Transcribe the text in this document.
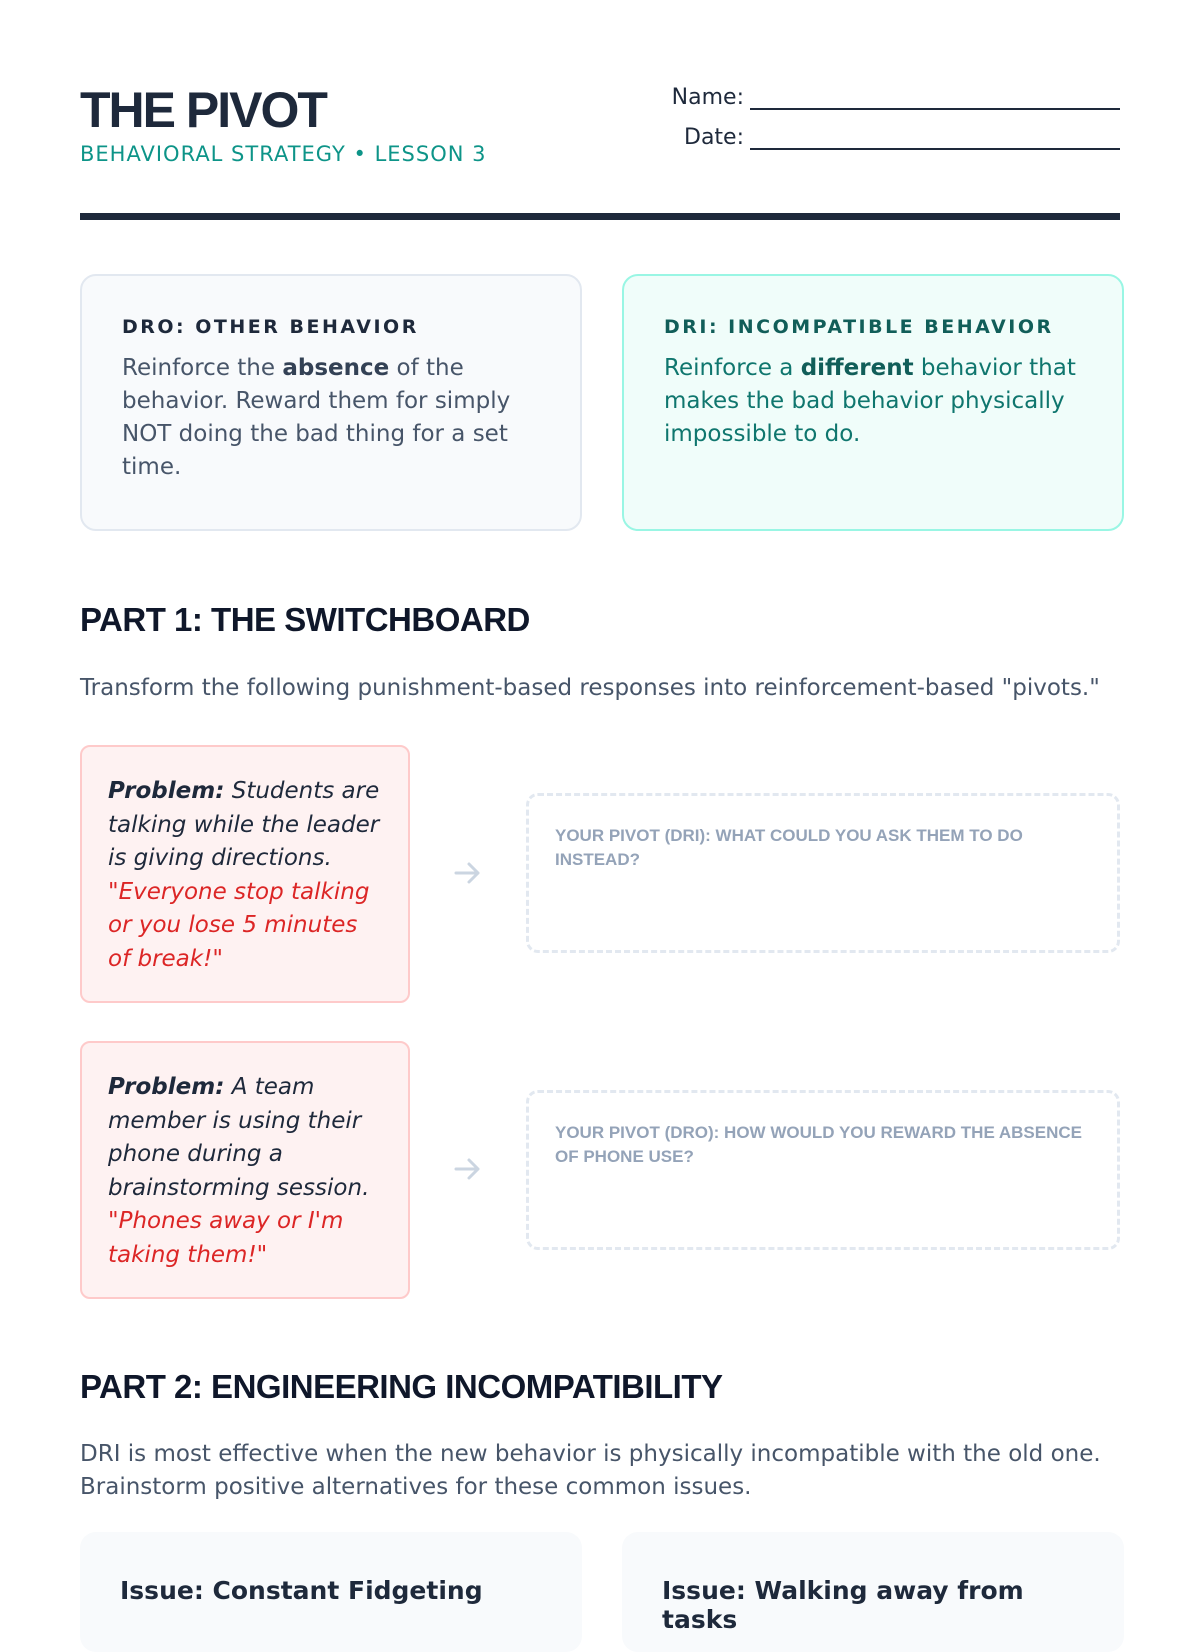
THE PIVOT
BEHAVIORAL STRATEGY • LESSON 3
Name:
Date:
DRO: OTHER BEHAVIOR
Reinforce the absence of the behavior. Reward them for simply NOT doing the bad thing for a set time.
DRI: INCOMPATIBLE BEHAVIOR
Reinforce a different behavior that makes the bad behavior physically impossible to do.
PART 1: THE SWITCHBOARD
Transform the following punishment-based responses into reinforcement-based "pivots."
Problem: Students are talking while the leader is giving directions.
"Everyone stop talking or you lose 5 minutes of break!"
YOUR PIVOT (DRI): WHAT COULD YOU ASK THEM TO DO INSTEAD?
Problem: A team member is using their phone during a brainstorming session.
"Phones away or I'm taking them!"
YOUR PIVOT (DRO): HOW WOULD YOU REWARD THE ABSENCE OF PHONE USE?
PART 2: ENGINEERING INCOMPATIBILITY
DRI is most effective when the new behavior is physically incompatible with the old one. Brainstorm positive alternatives for these common issues.
Issue: Constant Fidgeting	Issue: Walking away from tasks
